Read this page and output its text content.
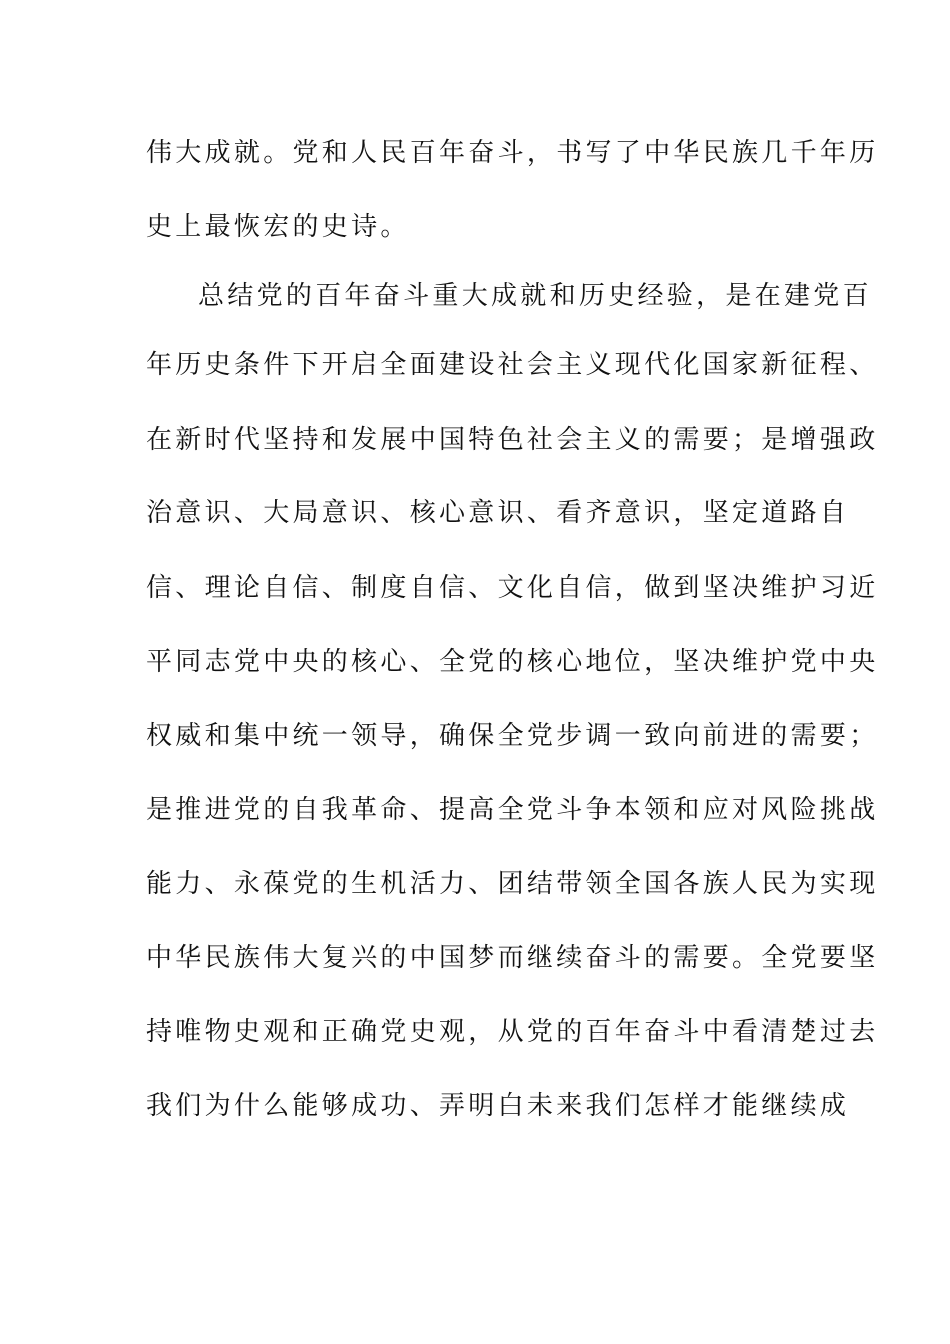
伟大成就。党和人民百年奋斗，书写了中华民族几千年历
史上最恢宏的史诗。
总结党的百年奋斗重大成就和历史经验，是在建党百
年历史条件下开启全面建设社会主义现代化国家新征程、
在新时代坚持和发展中国特色社会主义的需要；是增强政
治意识、大局意识、核心意识、看齐意识，坚定道路自
信、理论自信、制度自信、文化自信，做到坚决维护习近
平同志党中央的核心、全党的核心地位，坚决维护党中央
权威和集中统一领导，确保全党步调一致向前进的需要；
是推进党的自我革命、提高全党斗争本领和应对风险挑战
能力、永葆党的生机活力、团结带领全国各族人民为实现
中华民族伟大复兴的中国梦而继续奋斗的需要。全党要坚
持唯物史观和正确党史观，从党的百年奋斗中看清楚过去
我们为什么能够成功、弄明白未来我们怎样才能继续成
